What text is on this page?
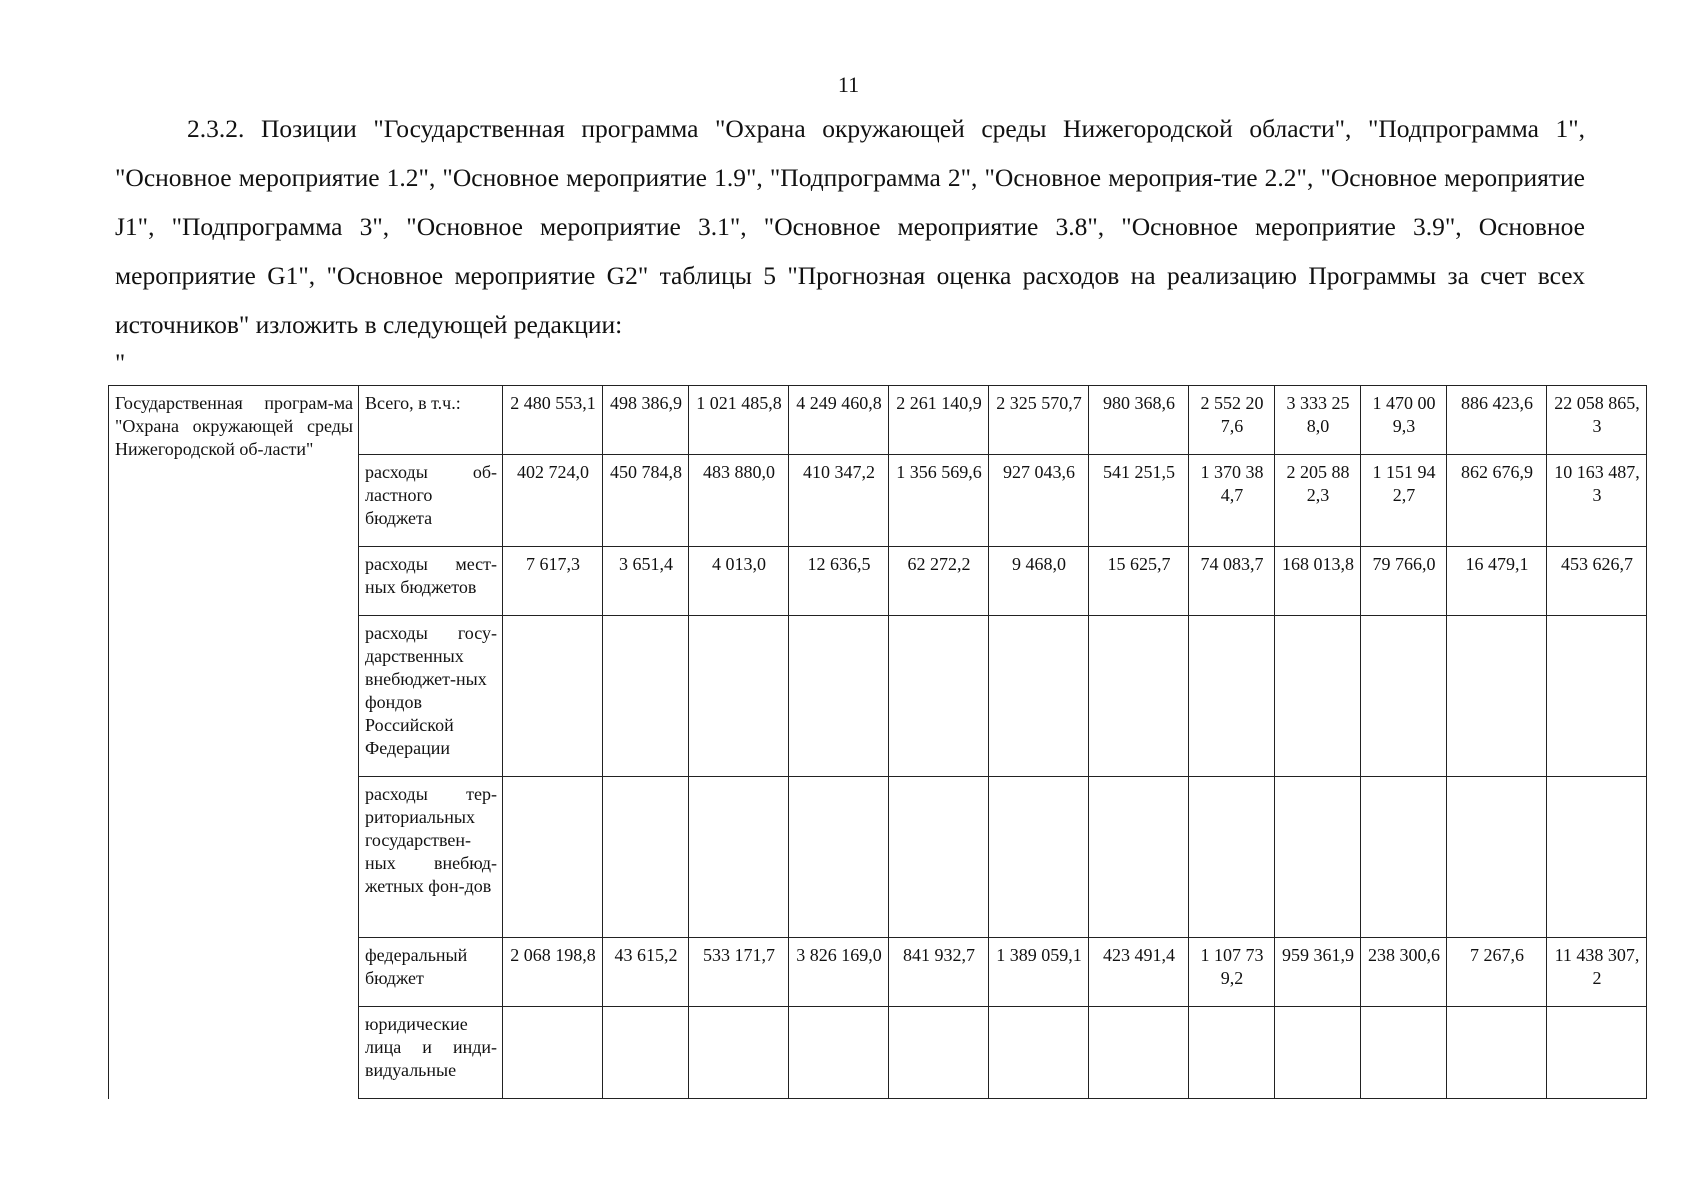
11
2.3.2. Позиции "Государственная программа "Охрана окружающей среды Нижегородской области", "Подпрограмма 1", "Основное мероприятие 1.2", "Основное мероприятие 1.9", "Подпрограмма 2", "Основное мероприя-тие 2.2", "Основное мероприятие J1", "Подпрограмма 3", "Основное мероприятие 3.1", "Основное мероприятие 3.8", "Основное мероприятие 3.9", Основное мероприятие G1", "Основное мероприятие G2" таблицы 5 "Прогнозная оценка расходов на реализацию Программы за счет всех источников" изложить в следующей редакции:
"
Государственная програм-ма "Охрана окружающей среды Нижегородской об-ласти"	Всего, в т.ч.:	2 480 553,1	498 386,9	1 021 485,8	4 249 460,8	2 261 140,9	2 325 570,7	980 368,6	2 552 207,6	3 333 258,0	1 470 009,3	886 423,6	22 058 865,3
	расходы об-ластного бюджета	402 724,0	450 784,8	483 880,0	410 347,2	1 356 569,6	927 043,6	541 251,5	1 370 384,7	2 205 882,3	1 151 942,7	862 676,9	10 163 487,3
	расходы мест-ных бюджетов	7 617,3	3 651,4	4 013,0	12 636,5	62 272,2	9 468,0	15 625,7	74 083,7	168 013,8	79 766,0	16 479,1	453 626,7
	расходы госу-дарственных внебюджет-ных фондов Российской Федерации												
	расходы тер-риториальных государствен-ных внебюд-жетных фон-дов												
	федеральный бюджет	2 068 198,8	43 615,2	533 171,7	3 826 169,0	841 932,7	1 389 059,1	423 491,4	1 107 739,2	959 361,9	238 300,6	7 267,6	11 438 307,2
	юридические лица и инди-видуальные												
